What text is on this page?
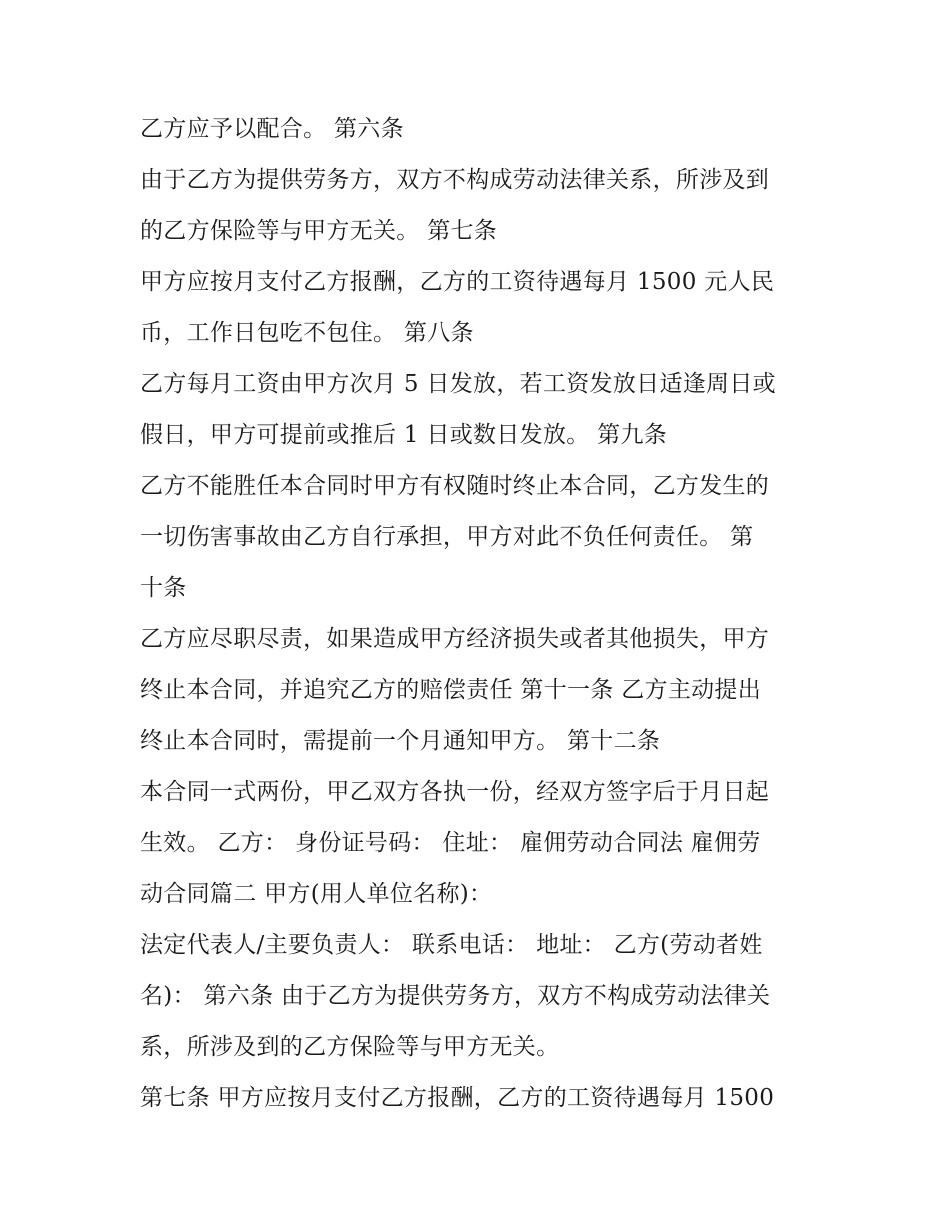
乙方应予以配合。 第六条
由于乙方为提供劳务方，双方不构成劳动法律关系，所涉及到
的乙方保险等与甲方无关。 第七条
甲方应按月支付乙方报酬，乙方的工资待遇每月 1500 元人民
币，工作日包吃不包住。 第八条
乙方每月工资由甲方次月 5 日发放，若工资发放日适逢周日或
假日，甲方可提前或推后 1 日或数日发放。 第九条
乙方不能胜任本合同时甲方有权随时终止本合同，乙方发生的
一切伤害事故由乙方自行承担，甲方对此不负任何责任。 第
十条
乙方应尽职尽责，如果造成甲方经济损失或者其他损失，甲方
终止本合同，并追究乙方的赔偿责任 第十一条 乙方主动提出
终止本合同时，需提前一个月通知甲方。 第十二条
本合同一式两份，甲乙双方各执一份，经双方签字后于月日起
生效。 乙方： 身份证号码： 住址： 雇佣劳动合同法 雇佣劳
动合同篇二 甲方(用人单位名称)：
法定代表人/主要负责人： 联系电话： 地址： 乙方(劳动者姓
名)： 第六条 由于乙方为提供劳务方，双方不构成劳动法律关
系，所涉及到的乙方保险等与甲方无关。
第七条 甲方应按月支付乙方报酬，乙方的工资待遇每月 1500
